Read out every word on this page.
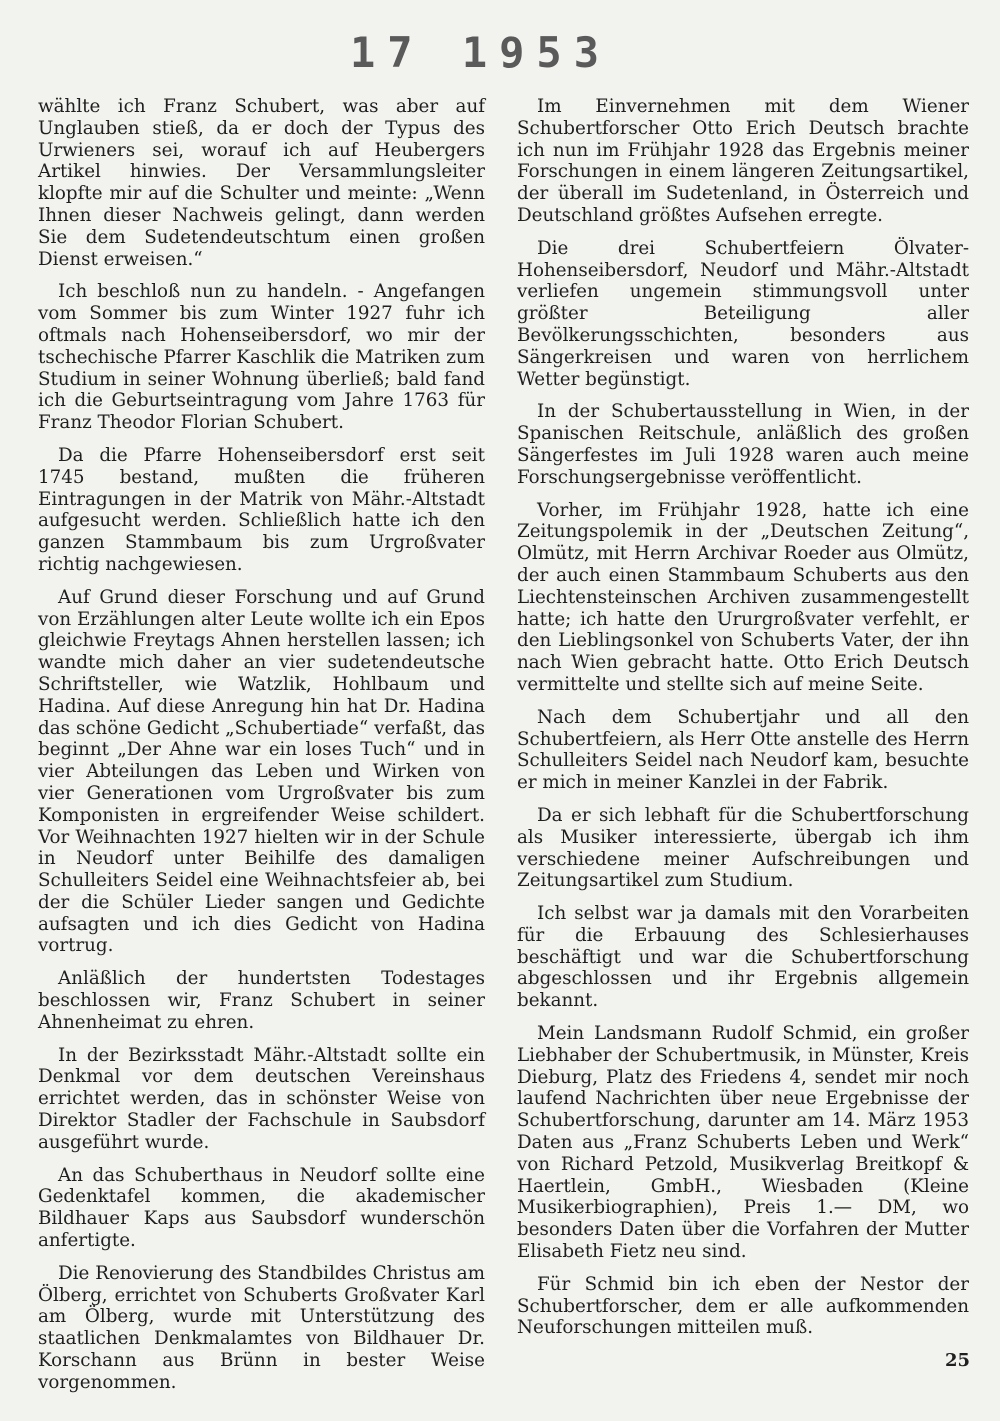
17 1953

wählte ich Franz Schubert, was aber auf Unglauben stieß, da er doch der Typus des Urwieners sei, worauf ich auf Heubergers Artikel hinwies. Der Versammlungsleiter klopfte mir auf die Schulter und meinte: „Wenn Ihnen dieser Nachweis gelingt, dann werden Sie dem Sudetendeutschtum einen großen Dienst erweisen.“

Ich beschloß nun zu handeln. - Angefangen vom Sommer bis zum Winter 1927 fuhr ich oftmals nach Hohenseibersdorf, wo mir der tschechische Pfarrer Kaschlik die Matriken zum Studium in seiner Wohnung überließ; bald fand ich die Geburtseintragung vom Jahre 1763 für Franz Theodor Florian Schubert.

Da die Pfarre Hohenseibersdorf erst seit 1745 bestand, mußten die früheren Eintragungen in der Matrik von Mähr.-Altstadt aufgesucht werden. Schließlich hatte ich den ganzen Stammbaum bis zum Urgroßvater richtig nachgewiesen.

Auf Grund dieser Forschung und auf Grund von Erzählungen alter Leute wollte ich ein Epos gleichwie Freytags Ahnen herstellen lassen; ich wandte mich daher an vier sudetendeutsche Schriftsteller, wie Watzlik, Hohlbaum und Hadina. Auf diese Anregung hin hat Dr. Hadina das schöne Gedicht „Schubertiade“ verfaßt, das beginnt „Der Ahne war ein loses Tuch“ und in vier Abteilungen das Leben und Wirken von vier Generationen vom Urgroßvater bis zum Komponisten in ergreifender Weise schildert. Vor Weihnachten 1927 hielten wir in der Schule in Neudorf unter Beihilfe des damaligen Schulleiters Seidel eine Weihnachtsfeier ab, bei der die Schüler Lieder sangen und Gedichte aufsagten und ich dies Gedicht von Hadina vortrug.

Anläßlich der hundertsten Todestages beschlossen wir, Franz Schubert in seiner Ahnenheimat zu ehren.

In der Bezirksstadt Mähr.-Altstadt sollte ein Denkmal vor dem deutschen Vereinshaus errichtet werden, das in schönster Weise von Direktor Stadler der Fachschule in Saubsdorf ausgeführt wurde.

An das Schuberthaus in Neudorf sollte eine Gedenktafel kommen, die akademischer Bildhauer Kaps aus Saubsdorf wunderschön anfertigte.

Die Renovierung des Standbildes Christus am Ölberg, errichtet von Schuberts Großvater Karl am Ölberg, wurde mit Unterstützung des staatlichen Denkmalamtes von Bildhauer Dr. Korschann aus Brünn in bester Weise vorgenommen.

Im Einvernehmen mit dem Wiener Schubertforscher Otto Erich Deutsch brachte ich nun im Frühjahr 1928 das Ergebnis meiner Forschungen in einem längeren Zeitungsartikel, der überall im Sudetenland, in Österreich und Deutschland größtes Aufsehen erregte.

Die drei Schubertfeiern Ölvater-Hohenseibersdorf, Neudorf und Mähr.-Altstadt verliefen ungemein stimmungsvoll unter größter Beteiligung aller Bevölkerungsschichten, besonders aus Sängerkreisen und waren von herrlichem Wetter begünstigt.

In der Schubertausstellung in Wien, in der Spanischen Reitschule, anläßlich des großen Sängerfestes im Juli 1928 waren auch meine Forschungsergebnisse veröffentlicht.

Vorher, im Frühjahr 1928, hatte ich eine Zeitungspolemik in der „Deutschen Zeitung“, Olmütz, mit Herrn Archivar Roeder aus Olmütz, der auch einen Stammbaum Schuberts aus den Liechtensteinschen Archiven zusammengestellt hatte; ich hatte den Ururgroßvater verfehlt, er den Lieblingsonkel von Schuberts Vater, der ihn nach Wien gebracht hatte. Otto Erich Deutsch vermittelte und stellte sich auf meine Seite.

Nach dem Schubertjahr und all den Schubertfeiern, als Herr Otte anstelle des Herrn Schulleiters Seidel nach Neudorf kam, besuchte er mich in meiner Kanzlei in der Fabrik.

Da er sich lebhaft für die Schubertforschung als Musiker interessierte, übergab ich ihm verschiedene meiner Aufschreibungen und Zeitungsartikel zum Studium.

Ich selbst war ja damals mit den Vorarbeiten für die Erbauung des Schlesierhauses beschäftigt und war die Schubertforschung abgeschlossen und ihr Ergebnis allgemein bekannt.

Mein Landsmann Rudolf Schmid, ein großer Liebhaber der Schubertmusik, in Münster, Kreis Dieburg, Platz des Friedens 4, sendet mir noch laufend Nachrichten über neue Ergebnisse der Schubertforschung, darunter am 14. März 1953 Daten aus „Franz Schuberts Leben und Werk“ von Richard Petzold, Musikverlag Breitkopf & Haertlein, GmbH., Wiesbaden (Kleine Musikerbiographien), Preis 1.— DM, wo besonders Daten über die Vorfahren der Mutter Elisabeth Fietz neu sind.

Für Schmid bin ich eben der Nestor der Schubertforscher, dem er alle aufkommenden Neuforschungen mitteilen muß.

25
